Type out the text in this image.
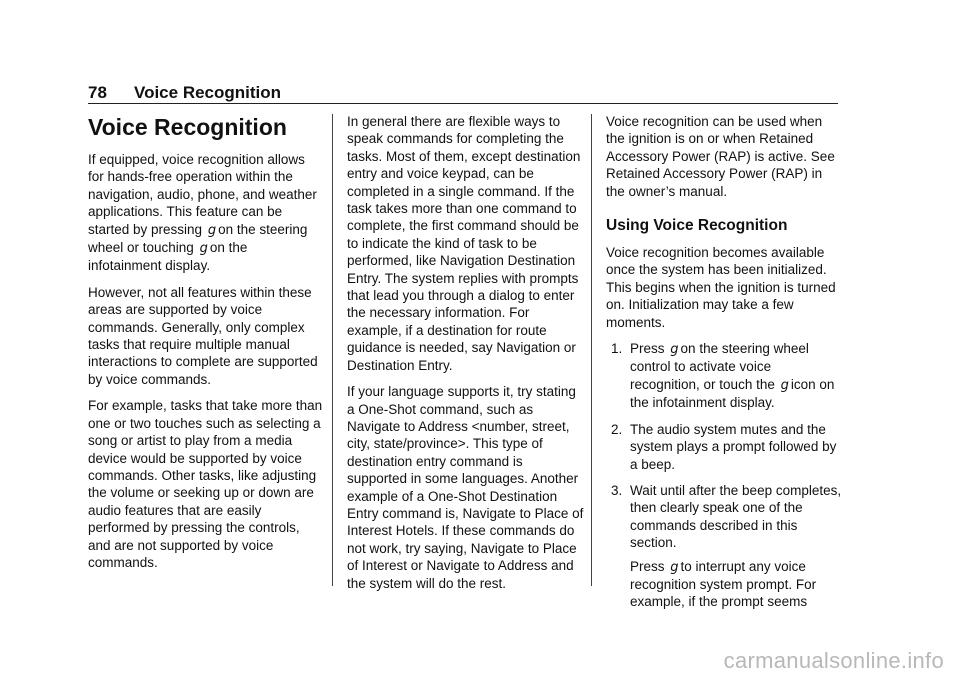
78 Voice Recognition
Voice Recognition

If equipped, voice recognition allows for hands-free operation within the navigation, audio, phone, and weather applications. This feature can be started by pressing g on the steering wheel or touching g on the infotainment display.

However, not all features within these areas are supported by voice commands. Generally, only complex tasks that require multiple manual interactions to complete are supported by voice commands.

For example, tasks that take more than one or two touches such as selecting a song or artist to play from a media device would be supported by voice commands. Other tasks, like adjusting the volume or seeking up or down are audio features that are easily performed by pressing the controls, and are not supported by voice commands.

In general there are flexible ways to speak commands for completing the tasks. Most of them, except destination entry and voice keypad, can be completed in a single command. If the task takes more than one command to complete, the first command should be to indicate the kind of task to be performed, like Navigation Destination Entry. The system replies with prompts that lead you through a dialog to enter the necessary information. For example, if a destination for route guidance is needed, say Navigation or Destination Entry.

If your language supports it, try stating a One-Shot command, such as Navigate to Address <number, street, city, state/province>. This type of destination entry command is supported in some languages. Another example of a One-Shot Destination Entry command is, Navigate to Place of Interest Hotels. If these commands do not work, try saying, Navigate to Place of Interest or Navigate to Address and the system will do the rest.

Voice recognition can be used when the ignition is on or when Retained Accessory Power (RAP) is active. See Retained Accessory Power (RAP) in the owner’s manual.

Using Voice Recognition

Voice recognition becomes available once the system has been initialized. This begins when the ignition is turned on. Initialization may take a few moments.

1. Press g on the steering wheel control to activate voice recognition, or touch the g icon on the infotainment display.
2. The audio system mutes and the system plays a prompt followed by a beep.
3. Wait until after the beep completes, then clearly speak one of the commands described in this section.

Press g to interrupt any voice recognition system prompt. For example, if the prompt seems

carmanualsonline.info
